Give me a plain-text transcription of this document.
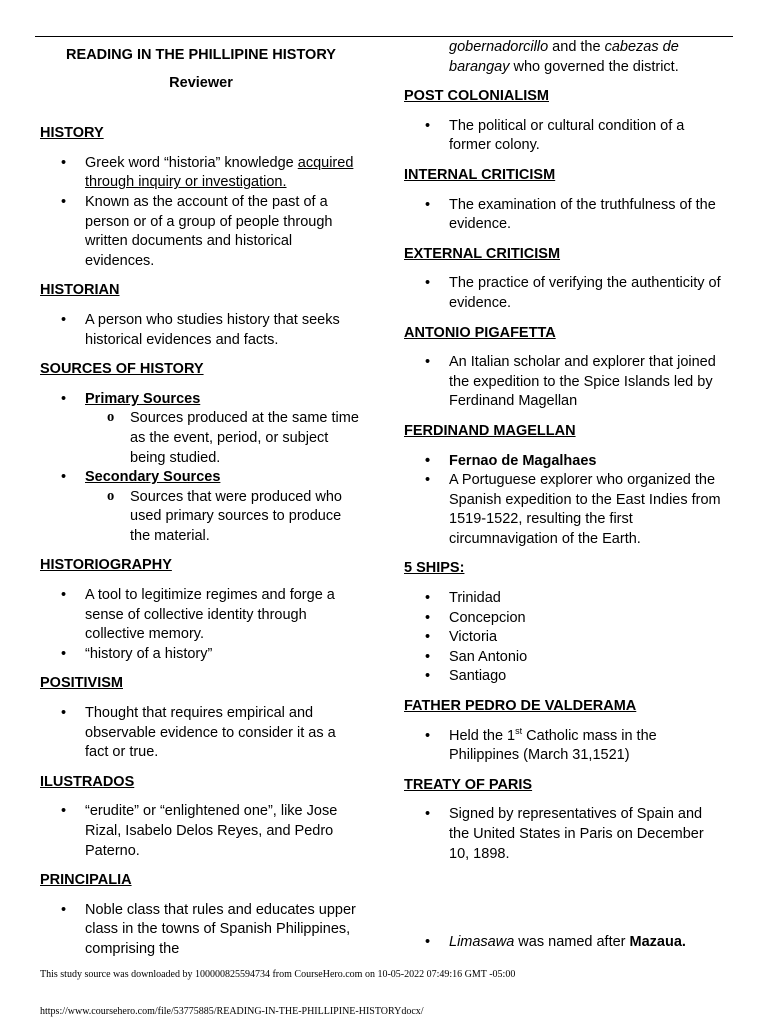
READING IN THE PHILLIPINE HISTORY
Reviewer
HISTORY
• Greek word “historia” knowledge acquired through inquiry or investigation.
• Known as the account of the past of a person or of a group of people through written documents and historical evidences.
HISTORIAN
• A person who studies history that seeks historical evidences and facts.
SOURCES OF HISTORY
• Primary Sources
o Sources produced at the same time as the event, period, or subject being studied.
• Secondary Sources
o Sources that were produced who used primary sources to produce the material.
HISTORIOGRAPHY
• A tool to legitimize regimes and forge a sense of collective identity through collective memory.
• “history of a history”
POSITIVISM
• Thought that requires empirical and observable evidence to consider it as a fact or true.
ILUSTRADOS
• “erudite” or “enlightened one”, like Jose Rizal, Isabelo Delos Reyes, and Pedro Paterno.
PRINCIPALIA
• Noble class that rules and educates upper class in the towns of Spanish Philippines, comprising the
gobernadorcillo and the cabezas de barangay who governed the district.
POST COLONIALISM
• The political or cultural condition of a former colony.
INTERNAL CRITICISM
• The examination of the truthfulness of the evidence.
EXTERNAL CRITICISM
• The practice of verifying the authenticity of evidence.
ANTONIO PIGAFETTA
• An Italian scholar and explorer that joined the expedition to the Spice Islands led by Ferdinand Magellan
FERDINAND MAGELLAN
• Fernao de Magalhaes
• A Portuguese explorer who organized the Spanish expedition to the East Indies from 1519-1522, resulting the first circumnavigation of the Earth.
5 SHIPS:
• Trinidad
• Concepcion
• Victoria
• San Antonio
• Santiago
FATHER PEDRO DE VALDERAMA
• Held the 1st Catholic mass in the Philippines (March 31,1521)
TREATY OF PARIS
• Signed by representatives of Spain and the United States in Paris on December 10, 1898.
• Limasawa was named after Mazaua.
This study source was downloaded by 100000825594734 from CourseHero.com on 10-05-2022 07:49:16 GMT -05:00
https://www.coursehero.com/file/53775885/READING-IN-THE-PHILLIPINE-HISTORYdocx/
